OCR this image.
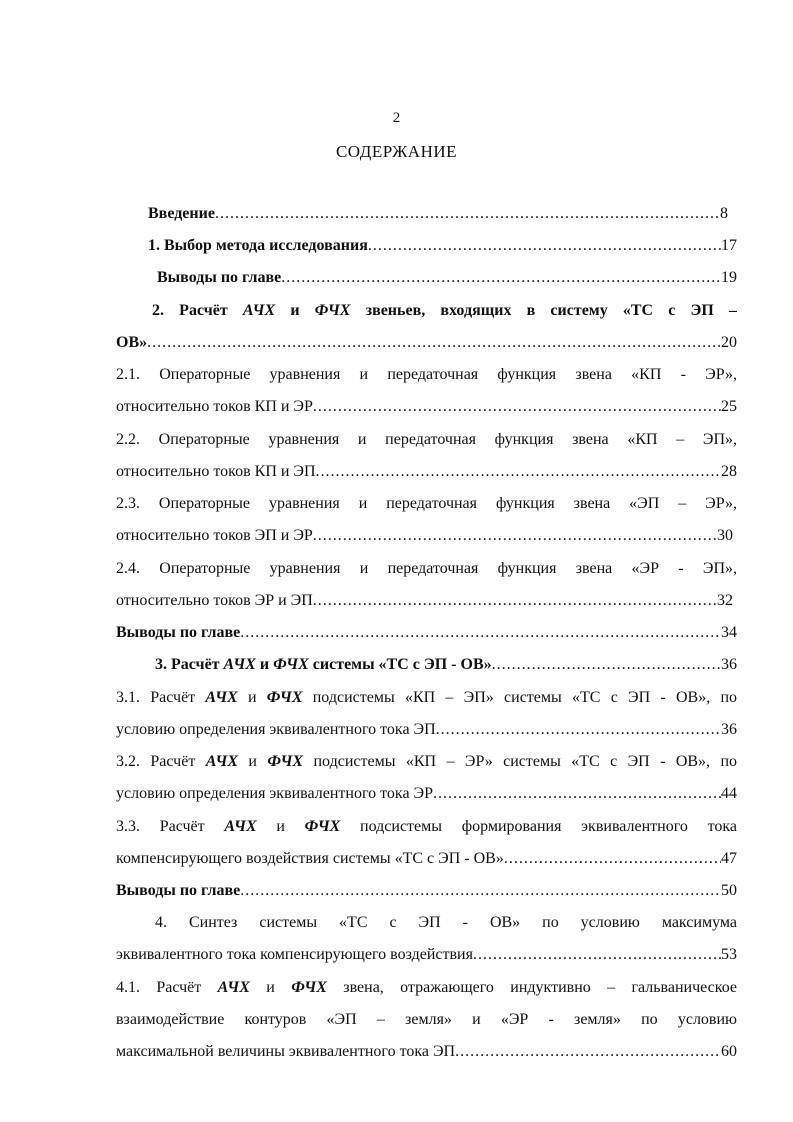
2
СОДЕРЖАНИЕ
Введение .....	8
1. Выбор метода исследования .....	17
Выводы по главе .....	19
2. Расчёт АЧХ и ФЧХ звеньев, входящих в систему «ТС с ЭП –
ОВ» .....	20
2.1. Операторные уравнения и передаточная функция звена «КП - ЭР»,
относительно токов КП и ЭР .....	25
2.2. Операторные уравнения и передаточная функция звена «КП – ЭП»,
относительно токов КП и ЭП .....	28
2.3. Операторные уравнения и передаточная функция звена «ЭП – ЭР»,
относительно токов ЭП и ЭР .....	30
2.4. Операторные уравнения и передаточная функция звена «ЭР - ЭП»,
относительно токов ЭР и ЭП .....	32
Выводы по главе .....	34
3. Расчёт АЧХ и ФЧХ системы «ТС с ЭП - ОВ» .....	36
3.1. Расчёт АЧХ и ФЧХ подсистемы «КП – ЭП» системы «ТС с ЭП - ОВ», по
условию определения эквивалентного тока ЭП .....	36
3.2. Расчёт АЧХ и ФЧХ подсистемы «КП – ЭР» системы «ТС с ЭП - ОВ», по
условию определения эквивалентного тока ЭР .....	44
3.3. Расчёт АЧХ и ФЧХ подсистемы формирования эквивалентного тока
компенсирующего воздействия системы «ТС с ЭП - ОВ» .....	47
Выводы по главе .....	50
4. Синтез системы «ТС с ЭП - ОВ» по условию максимума
эквивалентного тока компенсирующего воздействия .....	53
4.1. Расчёт АЧХ и ФЧХ звена, отражающего индуктивно – гальваническое
взаимодействие контуров «ЭП – земля» и «ЭР - земля» по условию
максимальной величины эквивалентного тока ЭП .....	60
